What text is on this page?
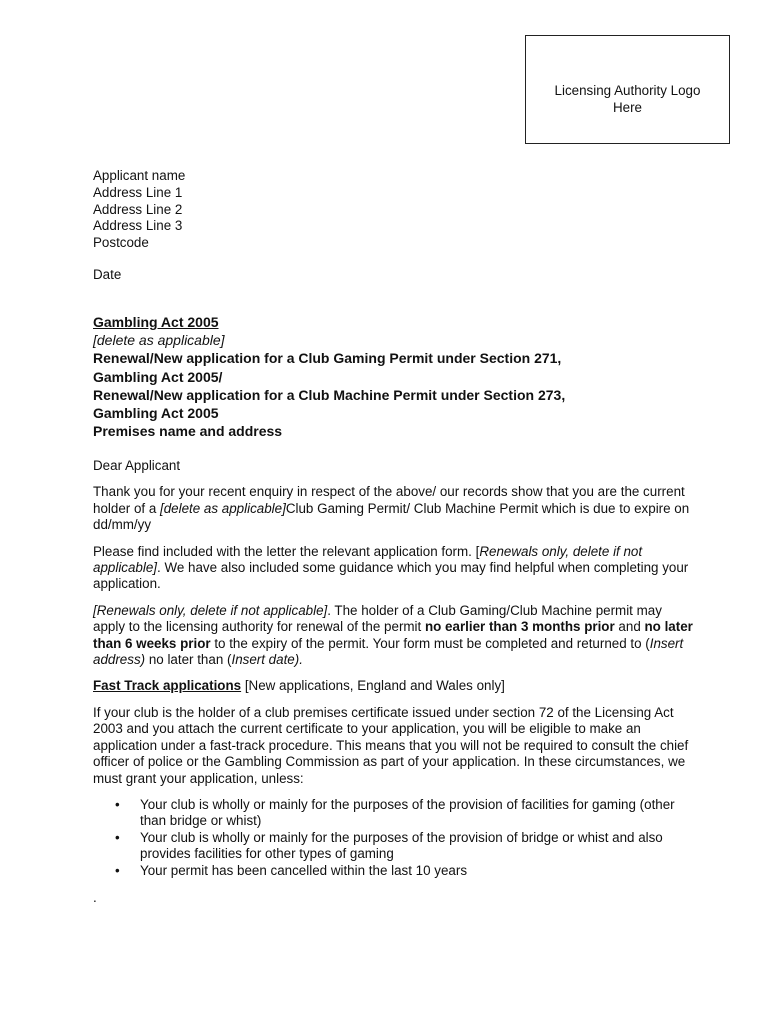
Licensing Authority Logo
Here
Applicant name
Address Line 1
Address Line 2
Address Line 3
Postcode
Date
Gambling Act 2005
[delete as applicable]
Renewal/New application for a Club Gaming Permit under Section 271,
Gambling Act 2005/
Renewal/New application for a Club Machine Permit under Section 273,
Gambling Act 2005
Premises name and address

Dear Applicant

Thank you for your recent enquiry in respect of the above/ our records show that you are the current holder of a [delete as applicable]Club Gaming Permit/ Club Machine Permit which is due to expire on dd/mm/yy

Please find included with the letter the relevant application form. [Renewals only, delete if not applicable]. We have also included some guidance which you may find helpful when completing your application.

[Renewals only, delete if not applicable]. The holder of a Club Gaming/Club Machine permit may apply to the licensing authority for renewal of the permit no earlier than 3 months prior and no later than 6 weeks prior to the expiry of the permit. Your form must be completed and returned to (Insert address) no later than (Insert date).

Fast Track applications [New applications, England and Wales only]

If your club is the holder of a club premises certificate issued under section 72 of the Licensing Act 2003 and you attach the current certificate to your application, you will be eligible to make an application under a fast-track procedure. This means that you will not be required to consult the chief officer of police or the Gambling Commission as part of your application. In these circumstances, we must grant your application, unless:

• Your club is wholly or mainly for the purposes of the provision of facilities for gaming (other than bridge or whist)
• Your club is wholly or mainly for the purposes of the provision of bridge or whist and also provides facilities for other types of gaming
• Your permit has been cancelled within the last 10 years
.
